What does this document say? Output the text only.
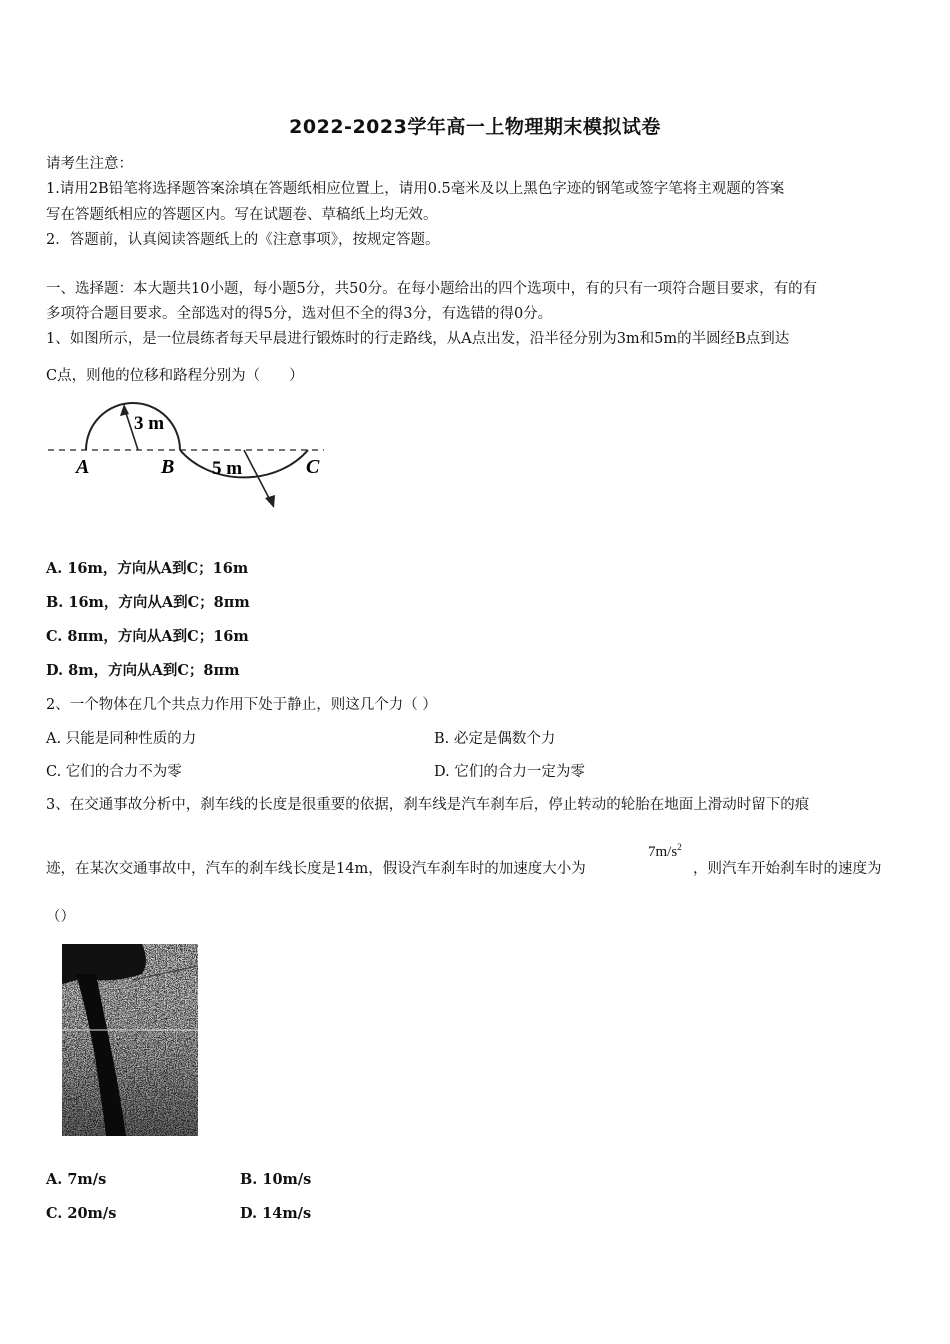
2022-2023学年高一上物理期末模拟试卷
请考生注意：
1.请用2B铅笔将选择题答案涂填在答题纸相应位置上，请用0.5毫米及以上黑色字迹的钢笔或签字笔将主观题的答案
写在答题纸相应的答题区内。写在试题卷、草稿纸上均无效。
2．答题前，认真阅读答题纸上的《注意事项》，按规定答题。
一、选择题：本大题共10小题，每小题5分，共50分。在每小题给出的四个选项中，有的只有一项符合题目要求，有的有
多项符合题目要求。全部选对的得5分，选对但不全的得3分，有选错的得0分。
1、如图所示，是一位晨练者每天早晨进行锻炼时的行走路线，从A点出发，沿半径分别为3m和5m的半圆经B点到达
C点，则他的位移和路程分别为（　　）
3 m
5 m
A	B	C
A. 16m，方向从A到C；16m
B. 16m，方向从A到C；8πm
C. 8πm，方向从A到C；16m
D. 8m，方向从A到C；8πm
2、一个物体在几个共点力作用下处于静止，则这几个力（ ）
A. 只能是同种性质的力	B. 必定是偶数个力
C. 它们的合力不为零	D. 它们的合力一定为零
3、在交通事故分析中，刹车线的长度是很重要的依据，刹车线是汽车刹车后，停止转动的轮胎在地面上滑动时留下的痕
迹，在某次交通事故中，汽车的刹车线长度是14m，假设汽车刹车时的加速度大小为
$7m/s^2$
，则汽车开始刹车时的速度为
（）
A. 7m/s	B. 10m/s
C. 20m/s	D. 14m/s
